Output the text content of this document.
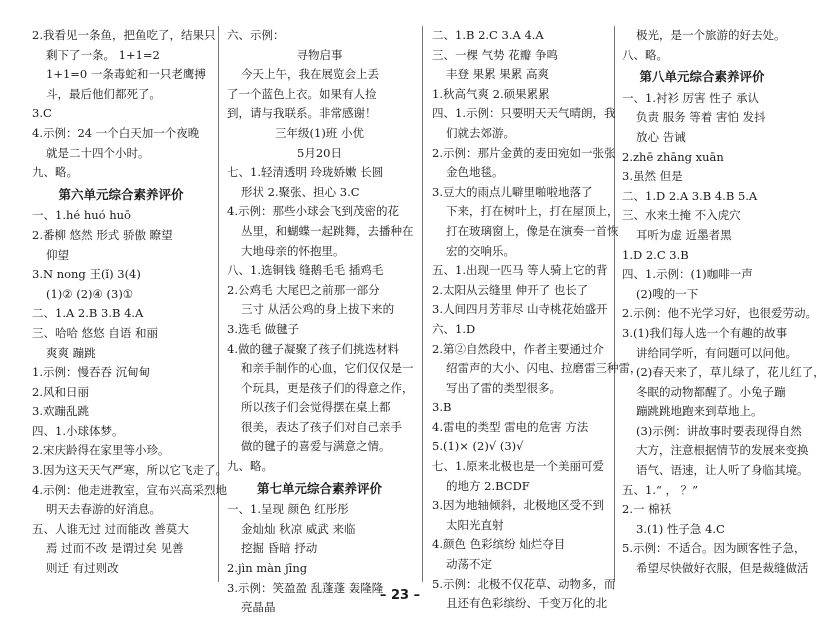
2.我看见一条鱼，把鱼吃了，结果只
剩下了一条。 1+1=2
1+1=0 一条毒蛇和一只老鹰搏
斗，最后他们都死了。
3.C
4.示例：24 一个白天加一个夜晚
就是二十四个小时。
九、略。
第六单元综合素养评价
一、1.hé huó huō
2.番柳 悠然 形式 骄傲 瞭望
仰望
3.N nong 王(ǐ) 3(4)
(1)② (2)④ (3)①
二、1.A 2.B 3.B 4.A
三、哈哈 悠悠 自语 和丽
爽爽 蹦跳
1.示例：慢吞吞 沉甸甸
2.风和日丽
3.欢蹦乱跳
四、1.小球体梦。
2.宋庆龄得在家里等小珍。
3.因为这天天气严寒，所以它飞走了。
4.示例：他走进教室，宣布兴高采烈地
明天去春游的好消息。
五、人谁无过 过而能改 善莫大
焉 过而不改 是谓过矣 见善
则迁 有过则改
六、示例：
寻物启事
今天上午，我在展览会上丢
了一个蓝色上衣。如果有人捡
到，请与我联系。非常感谢！
三年级(1)班 小优
5月20日
七、1.轻清透明 玲珑娇嫩 长圆
形状 2.聚张、担心 3.C
4.示例：那些小球会飞到茂密的花
丛里，和蝴蝶一起跳舞，去播种在
大地母亲的怀抱里。
八、1.选铜钱 缝鹅毛毛 插鸡毛
2.公鸡毛 大尾巴之前那一部分
三寸 从活公鸡的身上拔下来的
3.选毛 做毽子
4.做的毽子凝聚了孩子们挑选材料
和亲手制作的心血，它们仅仅是一
个玩具，更是孩子们的得意之作，
所以孩子们会觉得摆在桌上都
很美，表达了孩子们对自己亲手
做的毽子的喜爱与满意之情。
九、略。
第七单元综合素养评价
一、1.呈现 颜色 红彤彤
金灿灿 秋凉 威武 来临
挖掘 昏暗 抒动
2.jìn màn jīng
3.示例：笑盈盈 乱蓬蓬 轰隆隆
亮晶晶
二、1.B 2.C 3.A 4.A
三、一棵 气势 花瓣 争鸣
丰登 果累 果累 高爽
1.秋高气爽 2.硕果累累
四、1.示例：只要明天天气晴朗，我
们就去郊游。
2.示例：那片金黄的麦田宛如一张张
金色地毯。
3.豆大的雨点儿噼里啪啦地落了
下来，打在树叶上，打在屋顶上，
打在玻璃窗上，像是在演奏一首恢
宏的交响乐。
五、1.出现一匹马 等人骑上它的背
2.太阳从云缝里 伸开了 也长了
3.人间四月芳菲尽 山寺桃花始盛开
六、1.D
2.第②自然段中，作者主要通过介
绍雷声的大小、闪电、拉磨雷三种雷，
写出了雷的类型很多。
3.B
4.雷电的类型 雷电的危害 方法
5.(1)× (2)√ (3)√
七、1.原来北极也是一个美丽可爱
的地方 2.BCDF
3.因为地轴倾斜，北极地区受不到
太阳光直射
4.颜色 色彩缤纷 灿烂夺目
动荡不定
5.示例：北极不仅花草、动物多，而
且还有色彩缤纷、千变万化的北
极光，是一个旅游的好去处。
八、略。
第八单元综合素养评价
一、1.衬衫 厉害 性子 承认
负责 服务 等着 害怕 发抖
放心 告诫
2.zhē zhāng xuān
3.虽然 但是
二、1.D 2.A 3.B 4.B 5.A
三、水来土掩 不入虎穴
耳听为虚 近墨者黑
1.D 2.C 3.B
四、1.示例：(1)咖啡一声
(2)嗖的一下
2.示例：他不光学习好，也很爱劳动。
3.(1)我们每人选一个有趣的故事
讲给同学听，有问题可以问他。
(2)春天来了，草儿绿了，花儿红了，
冬眠的动物都醒了。小兔子蹦
蹦跳跳地跑来到草地上。
(3)示例：讲故事时要表现得自然
大方，注意根据情节的发展来变换
语气、语速，让人听了身临其境。
五、1.“ ， ？”
2.一 棉袄
3.(1) 性子急 4.C
5.示例：不适合。因为顾客性子急，
希望尽快做好衣服，但是裁缝做活
– 23 –
